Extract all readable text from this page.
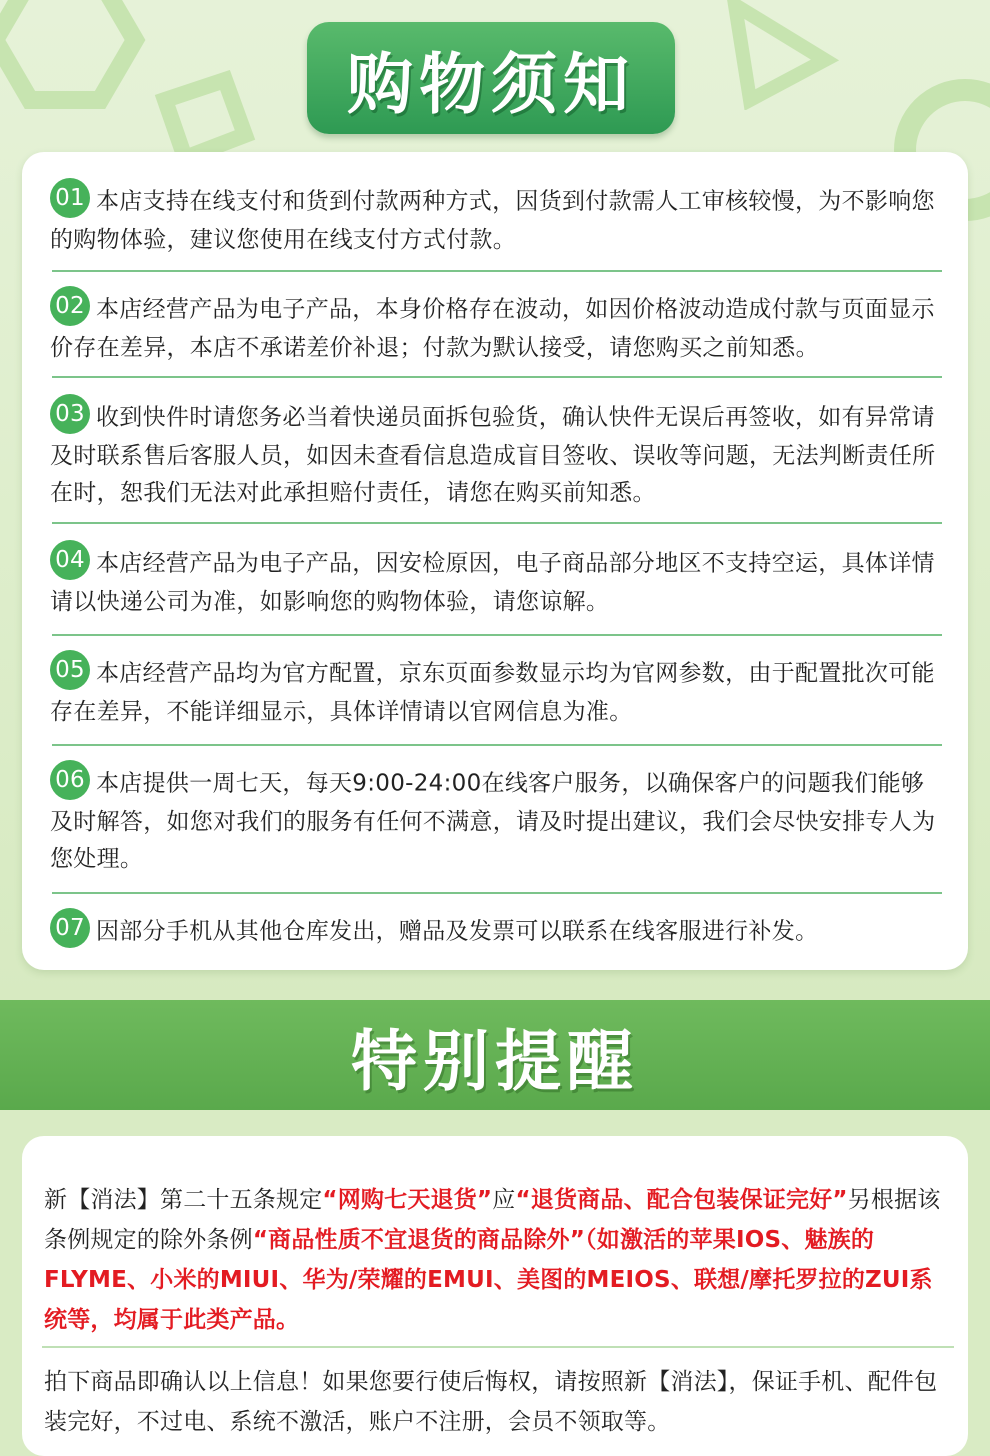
购物须知
01 本店支持在线支付和货到付款两种方式，因货到付款需人工审核较慢，为不影响您的购物体验，建议您使用在线支付方式付款。
02 本店经营产品为电子产品，本身价格存在波动，如因价格波动造成付款与页面显示价存在差异，本店不承诺差价补退；付款为默认接受，请您购买之前知悉。
03 收到快件时请您务必当着快递员面拆包验货，确认快件无误后再签收，如有异常请及时联系售后客服人员，如因未查看信息造成盲目签收、误收等问题，无法判断责任所在时，恕我们无法对此承担赔付责任，请您在购买前知悉。
04 本店经营产品为电子产品，因安检原因，电子商品部分地区不支持空运，具体详情请以快递公司为准，如影响您的购物体验，请您谅解。
05 本店经营产品均为官方配置，京东页面参数显示均为官网参数，由于配置批次可能存在差异，不能详细显示，具体详情请以官网信息为准。
06 本店提供一周七天，每天9:00-24:00在线客户服务，以确保客户的问题我们能够及时解答，如您对我们的服务有任何不满意，请及时提出建议，我们会尽快安排专人为您处理。
07 因部分手机从其他仓库发出，赠品及发票可以联系在线客服进行补发。
特别提醒
新【消法】第二十五条规定“网购七天退货”应“退货商品、配合包装保证完好”另根据该条例规定的除外条例“商品性质不宜退货的商品除外”（如激活的苹果IOS、魅族的FLYME、小米的MIUI、华为/荣耀的EMUI、美图的MEIOS、联想/摩托罗拉的ZUI系统等，均属于此类产品。
拍下商品即确认以上信息！如果您要行使后悔权，请按照新【消法】，保证手机、配件包装完好，不过电、系统不激活，账户不注册，会员不领取等。
